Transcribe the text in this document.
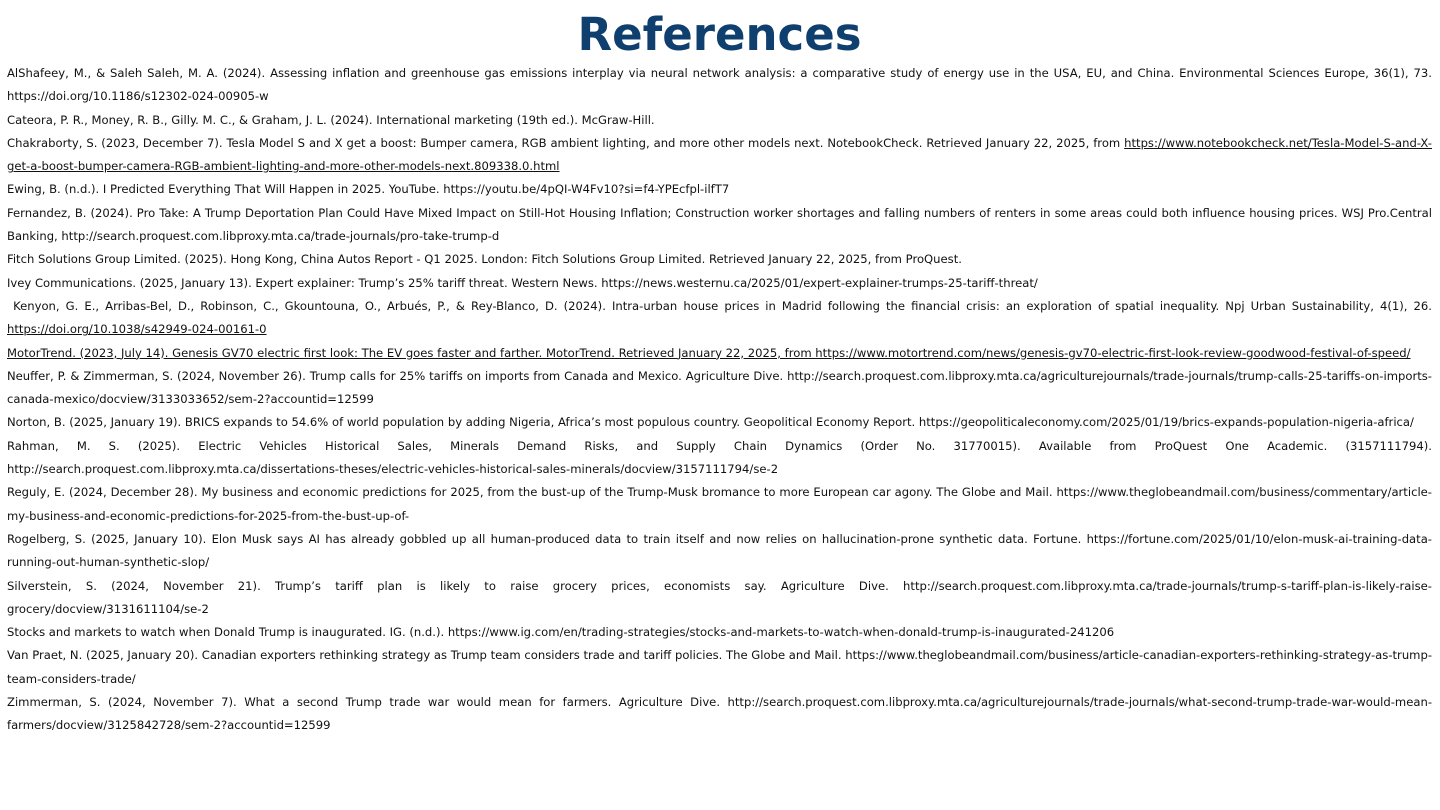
References
AlShafeey, M., & Saleh Saleh, M. A. (2024). Assessing inflation and greenhouse gas emissions interplay via neural network analysis: a comparative study of energy use in the USA, EU, and China. Environmental Sciences Europe, 36(1), 73. https://doi.org/10.1186/s12302-024-00905-w
Cateora, P. R., Money, R. B., Gilly. M. C., & Graham, J. L. (2024). International marketing (19th ed.). McGraw-Hill.
Chakraborty, S. (2023, December 7). Tesla Model S and X get a boost: Bumper camera, RGB ambient lighting, and more other models next. NotebookCheck. Retrieved January 22, 2025, from https://www.notebookcheck.net/Tesla-Model-S-and-X-get-a-boost-bumper-camera-RGB-ambient-lighting-and-more-other-models-next.809338.0.html
Ewing, B. (n.d.). I Predicted Everything That Will Happen in 2025. YouTube. https://youtu.be/4pQI-W4Fv10?si=f4-YPEcfpl-ilfT7
Fernandez, B. (2024). Pro Take: A Trump Deportation Plan Could Have Mixed Impact on Still-Hot Housing Inflation; Construction worker shortages and falling numbers of renters in some areas could both influence housing prices. WSJ Pro.Central Banking, http://search.proquest.com.libproxy.mta.ca/trade-journals/pro-take-trump-d
Fitch Solutions Group Limited. (2025). Hong Kong, China Autos Report - Q1 2025. London: Fitch Solutions Group Limited. Retrieved January 22, 2025, from ProQuest.
Ivey Communications. (2025, January 13). Expert explainer: Trump’s 25% tariff threat. Western News. https://news.westernu.ca/2025/01/expert-explainer-trumps-25-tariff-threat/
Kenyon, G. E., Arribas-Bel, D., Robinson, C., Gkountouna, O., Arbués, P., & Rey-Blanco, D. (2024). Intra-urban house prices in Madrid following the financial crisis: an exploration of spatial inequality. Npj Urban Sustainability, 4(1), 26. https://doi.org/10.1038/s42949-024-00161-0
MotorTrend. (2023, July 14). Genesis GV70 electric first look: The EV goes faster and farther. MotorTrend. Retrieved January 22, 2025, from https://www.motortrend.com/news/genesis-gv70-electric-first-look-review-goodwood-festival-of-speed/
Neuffer, P. & Zimmerman, S. (2024, November 26). Trump calls for 25% tariffs on imports from Canada and Mexico. Agriculture Dive. http://search.proquest.com.libproxy.mta.ca/agriculturejournals/trade-journals/trump-calls-25-tariffs-on-imports-canada-mexico/docview/3133033652/sem-2?accountid=12599
Norton, B. (2025, January 19). BRICS expands to 54.6% of world population by adding Nigeria, Africa’s most populous country. Geopolitical Economy Report. https://geopoliticaleconomy.com/2025/01/19/brics-expands-population-nigeria-africa/
Rahman, M. S. (2025). Electric Vehicles Historical Sales, Minerals Demand Risks, and Supply Chain Dynamics (Order No. 31770015). Available from ProQuest One Academic. (3157111794). http://search.proquest.com.libproxy.mta.ca/dissertations-theses/electric-vehicles-historical-sales-minerals/docview/3157111794/se-2
Reguly, E. (2024, December 28). My business and economic predictions for 2025, from the bust-up of the Trump-Musk bromance to more European car agony. The Globe and Mail. https://www.theglobeandmail.com/business/commentary/article-my-business-and-economic-predictions-for-2025-from-the-bust-up-of-
Rogelberg, S. (2025, January 10). Elon Musk says AI has already gobbled up all human-produced data to train itself and now relies on hallucination-prone synthetic data. Fortune. https://fortune.com/2025/01/10/elon-musk-ai-training-data-running-out-human-synthetic-slop/
Silverstein, S. (2024, November 21). Trump’s tariff plan is likely to raise grocery prices, economists say. Agriculture Dive. http://search.proquest.com.libproxy.mta.ca/trade-journals/trump-s-tariff-plan-is-likely-raise-grocery/docview/3131611104/se-2
Stocks and markets to watch when Donald Trump is inaugurated. IG. (n.d.). https://www.ig.com/en/trading-strategies/stocks-and-markets-to-watch-when-donald-trump-is-inaugurated-241206
Van Praet, N. (2025, January 20). Canadian exporters rethinking strategy as Trump team considers trade and tariff policies. The Globe and Mail. https://www.theglobeandmail.com/business/article-canadian-exporters-rethinking-strategy-as-trump-team-considers-trade/
Zimmerman, S. (2024, November 7). What a second Trump trade war would mean for farmers. Agriculture Dive. http://search.proquest.com.libproxy.mta.ca/agriculturejournals/trade-journals/what-second-trump-trade-war-would-mean-farmers/docview/3125842728/sem-2?accountid=12599
